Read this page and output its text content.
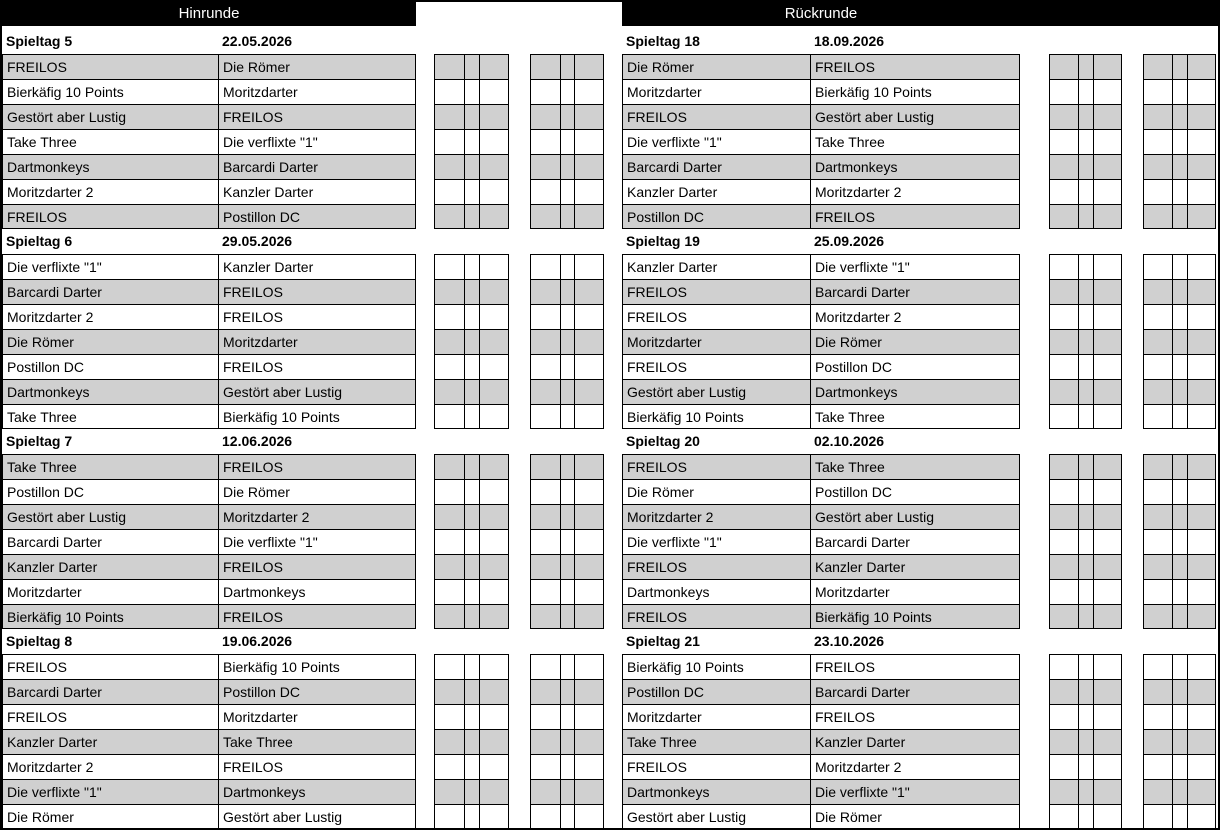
Hinrunde	Rückrunde
Spieltag 5	22.05.2026
FREILOS	Die Römer
Bierkäfig 10 Points	Moritzdarter
Gestört aber Lustig	FREILOS
Take Three	Die verflixte "1"
Dartmonkeys	Barcardi Darter
Moritzdarter 2	Kanzler Darter
FREILOS	Postillon DC
Spieltag 18	18.09.2026
Die Römer	FREILOS
Moritzdarter	Bierkäfig 10 Points
FREILOS	Gestört aber Lustig
Die verflixte "1"	Take Three
Barcardi Darter	Dartmonkeys
Kanzler Darter	Moritzdarter 2
Postillon DC	FREILOS
Spieltag 6	29.05.2026
Die verflixte "1"	Kanzler Darter
Barcardi Darter	FREILOS
Moritzdarter 2	FREILOS
Die Römer	Moritzdarter
Postillon DC	FREILOS
Dartmonkeys	Gestört aber Lustig
Take Three	Bierkäfig 10 Points
Spieltag 19	25.09.2026
Kanzler Darter	Die verflixte "1"
FREILOS	Barcardi Darter
FREILOS	Moritzdarter 2
Moritzdarter	Die Römer
FREILOS	Postillon DC
Gestört aber Lustig	Dartmonkeys
Bierkäfig 10 Points	Take Three
Spieltag 7	12.06.2026
Take Three	FREILOS
Postillon DC	Die Römer
Gestört aber Lustig	Moritzdarter 2
Barcardi Darter	Die verflixte "1"
Kanzler Darter	FREILOS
Moritzdarter	Dartmonkeys
Bierkäfig 10 Points	FREILOS
Spieltag 20	02.10.2026
FREILOS	Take Three
Die Römer	Postillon DC
Moritzdarter 2	Gestört aber Lustig
Die verflixte "1"	Barcardi Darter
FREILOS	Kanzler Darter
Dartmonkeys	Moritzdarter
FREILOS	Bierkäfig 10 Points
Spieltag 8	19.06.2026
FREILOS	Bierkäfig 10 Points
Barcardi Darter	Postillon DC
FREILOS	Moritzdarter
Kanzler Darter	Take Three
Moritzdarter 2	FREILOS
Die verflixte "1"	Dartmonkeys
Die Römer	Gestört aber Lustig
Spieltag 21	23.10.2026
Bierkäfig 10 Points	FREILOS
Postillon DC	Barcardi Darter
Moritzdarter	FREILOS
Take Three	Kanzler Darter
FREILOS	Moritzdarter 2
Dartmonkeys	Die verflixte "1"
Gestört aber Lustig	Die Römer
